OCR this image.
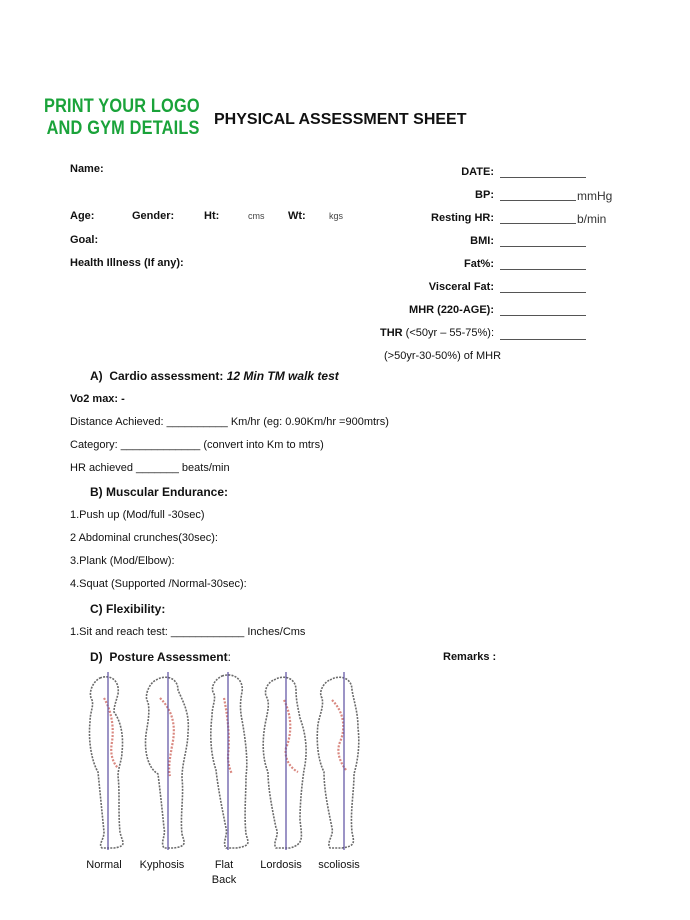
PRINT YOUR LOGO
AND GYM DETAILS PHYSICAL ASSESSMENT SHEET
Name:
Age:	Gender:	Ht:	cms Wt:	kgs
Goal:
Health Illness (If any):
DATE:
BP:	mmHg
Resting HR:	b/min
BMI:
Fat%:
Visceral Fat:
MHR (220-AGE):
THR (<50yr – 55-75%):
(>50yr-30-50%) of MHR
A)  Cardio assessment: 12 Min TM walk test
Vo2 max: -
Distance Achieved: __________ Km/hr (eg: 0.90Km/hr =900mtrs)
Category: _____________ (convert into Km to mtrs)
HR achieved _______ beats/min
B) Muscular Endurance:
1.Push up (Mod/full -30sec)
2 Abdominal crunches(30sec):
3.Plank (Mod/Elbow):
4.Squat (Supported /Normal-30sec):
C) Flexibility:
1.Sit and reach test: ____________ Inches/Cms
D)  Posture Assessment:	Remarks :
Normal	Kyphosis	Flat Back
Lordosis	scoliosis
